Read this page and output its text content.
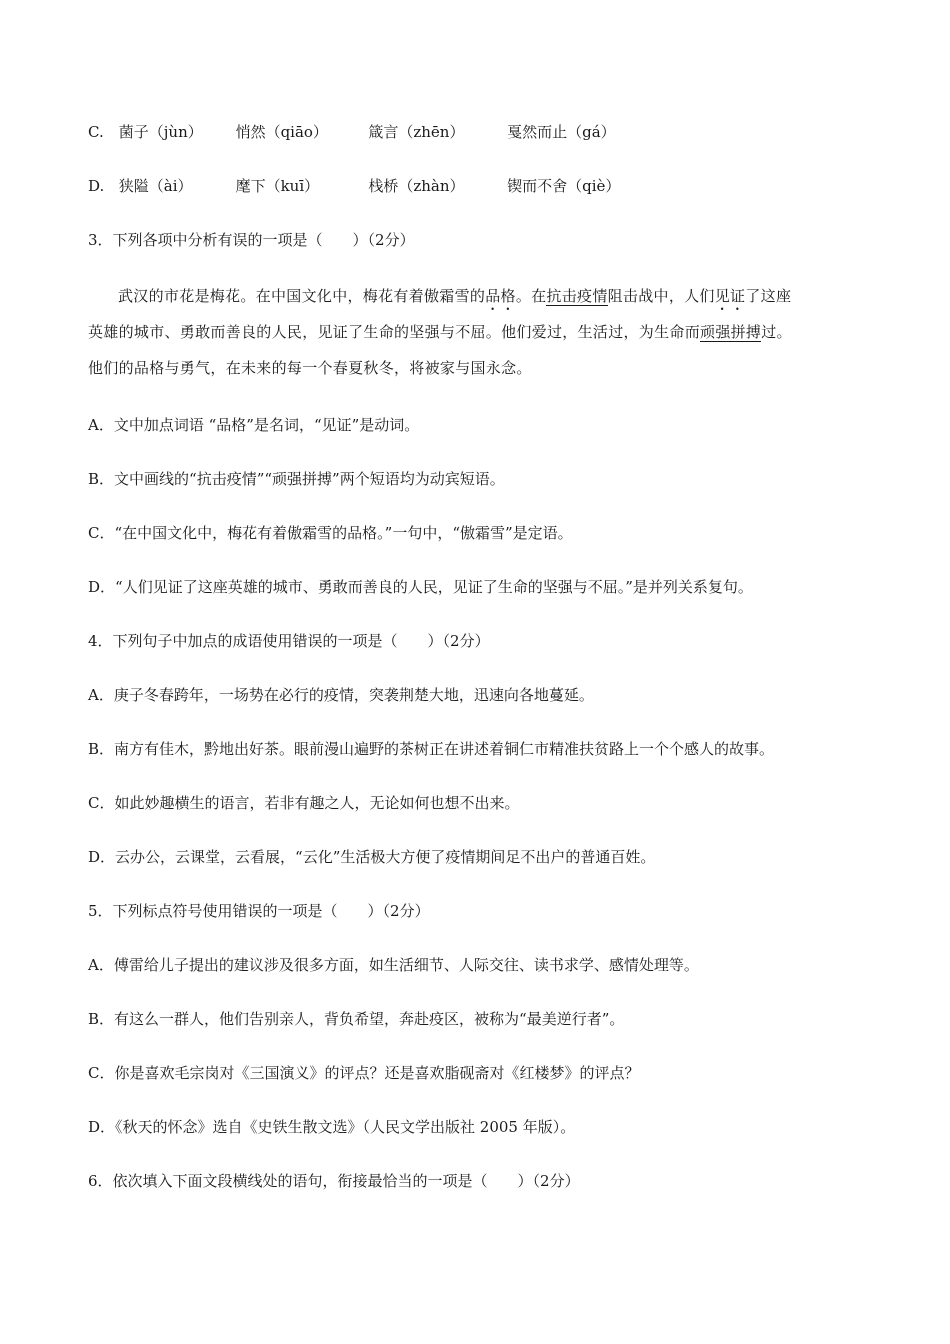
C. 菌子（jùn） 悄然（qiāo）	箴言（zhēn）	戛然而止（gá）
D. 狭隘（ài）	麾下（kuī）	栈桥（zhàn）	锲而不舍（qiè）
3．下列各项中分析有误的一项是（　　）（2分）

武汉的市花是梅花。在中国文化中，梅花有着傲霜雪的品格。在抗击疫情阻击战中，人们见证了这座

英雄的城市、勇敢而善良的人民，见证了生命的坚强与不屈。他们爱过，生活过，为生命而顽强拼搏过。

他们的品格与勇气，在未来的每一个春夏秋冬，将被家与国永念。

A．文中加点词语 “品格”是名词，“见证”是动词。
B．文中画线的“抗击疫情”“顽强拼搏”两个短语均为动宾短语。
C．“在中国文化中，梅花有着傲霜雪的品格。”一句中，“傲霜雪”是定语。
D．“人们见证了这座英雄的城市、勇敢而善良的人民，见证了生命的坚强与不屈。”是并列关系复句。
4．下列句子中加点的成语使用错误的一项是（　　）（2分）
A．庚子冬春跨年，一场势在必行的疫情，突袭荆楚大地，迅速向各地蔓延。
B．南方有佳木，黔地出好茶。眼前漫山遍野的茶树正在讲述着铜仁市精准扶贫路上一个个感人的故事。
C．如此妙趣横生的语言，若非有趣之人，无论如何也想不出来。
D．云办公，云课堂，云看展，“云化”生活极大方便了疫情期间足不出户的普通百姓。
5．下列标点符号使用错误的一项是（　　）（2分）
A．傅雷给儿子提出的建议涉及很多方面，如生活细节、人际交往、读书求学、感情处理等。
B．有这么一群人，他们告别亲人，背负希望，奔赴疫区，被称为“最美逆行者”。
C．你是喜欢毛宗岗对《三国演义》的评点？还是喜欢脂砚斋对《红楼梦》的评点？
D．《秋天的怀念》选自《史铁生散文选》（人民文学出版社 2005 年版）。
6．依次填入下面文段横线处的语句，衔接最恰当的一项是（　　）（2分）
